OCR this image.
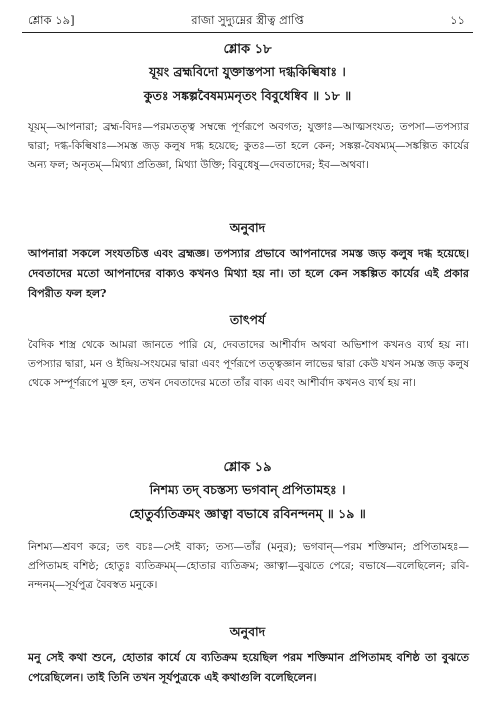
শ্লোক ১৯]	রাজা সুদ্যুম্নের স্ত্রীত্ব প্রাপ্তি	১১
শ্লোক ১৮
যূয়ং ব্রহ্মবিদো যুক্তাস্তপসা দগ্ধকিল্বিষাঃ ।
কুতঃ সঙ্কল্পবৈষম্যমনৃতং বিবুধেষ্বিব ॥ ১৮ ॥

যূয়ম্‌—আপনারা; ব্রহ্ম-বিদঃ—পরমতত্ত্ব সম্বন্ধে পূর্ণরূপে অবগত; যুক্তাঃ—আত্মসংযত; তপসা—তপস্যার দ্বারা; দগ্ধ-কিল্বিষাঃ—সমস্ত জড় কলুষ দগ্ধ হয়েছে; কুতঃ—তা হলে কেন; সঙ্কল্প-বৈষম্যম্‌—সঙ্কল্পিত কার্যের অন্য ফল; অনৃতম্‌—মিথ্যা প্রতিজ্ঞা, মিথ্যা উক্তি; বিবুধেষু—দেবতাদের; ইব—অথবা।

অনুবাদ

আপনারা সকলে সংযতচিত্ত এবং ব্রহ্মজ্ঞ। তপস্যার প্রভাবে আপনাদের সমস্ত জড় কলুষ দগ্ধ হয়েছে। দেবতাদের মতো আপনাদের বাক্যও কখনও মিথ্যা হয় না। তা হলে কেন সঙ্কল্পিত কার্যের এই প্রকার বিপরীত ফল হল?

তাৎপর্য

বৈদিক শাস্ত্র থেকে আমরা জানতে পারি যে, দেবতাদের আশীর্বাদ অথবা অভিশাপ কখনও ব্যর্থ হয় না। তপস্যার দ্বারা, মন ও ইন্দ্রিয়-সংযমের দ্বারা এবং পূর্ণরূপে তত্ত্বজ্ঞান লাভের দ্বারা কেউ যখন সমস্ত জড় কলুষ থেকে সম্পূর্ণরূপে মুক্ত হন, তখন দেবতাদের মতো তাঁর বাক্য এবং আশীর্বাদ কখনও ব্যর্থ হয় না।

শ্লোক ১৯
নিশম্য তদ্‌ বচস্তস্য ভগবান্‌ প্রপিতামহঃ ।
হোতুর্ব্যতিক্রমং জ্ঞাত্বা বভাষে রবিনন্দনম্‌ ॥ ১৯ ॥

নিশম্য—শ্রবণ করে; তৎ বচঃ—সেই বাক্য; তস্য—তাঁর (মনুর); ভগবান্‌—পরম শক্তিমান; প্রপিতামহঃ—প্রপিতামহ বশিষ্ঠ; হোতুঃ ব্যতিক্রমম্‌—হোতার ব্যতিক্রম; জ্ঞাত্বা—বুঝতে পেরে; বভাষে—বলেছিলেন; রবি-নন্দনম্‌—সূর্যপুত্র বৈবস্বত মনুকে।

অনুবাদ

মনু সেই কথা শুনে, হোতার কার্যে যে ব্যতিক্রম হয়েছিল পরম শক্তিমান প্রপিতামহ বশিষ্ঠ তা বুঝতে পেরেছিলেন। তাই তিনি তখন সূর্যপুত্রকে এই কথাগুলি বলেছিলেন।
